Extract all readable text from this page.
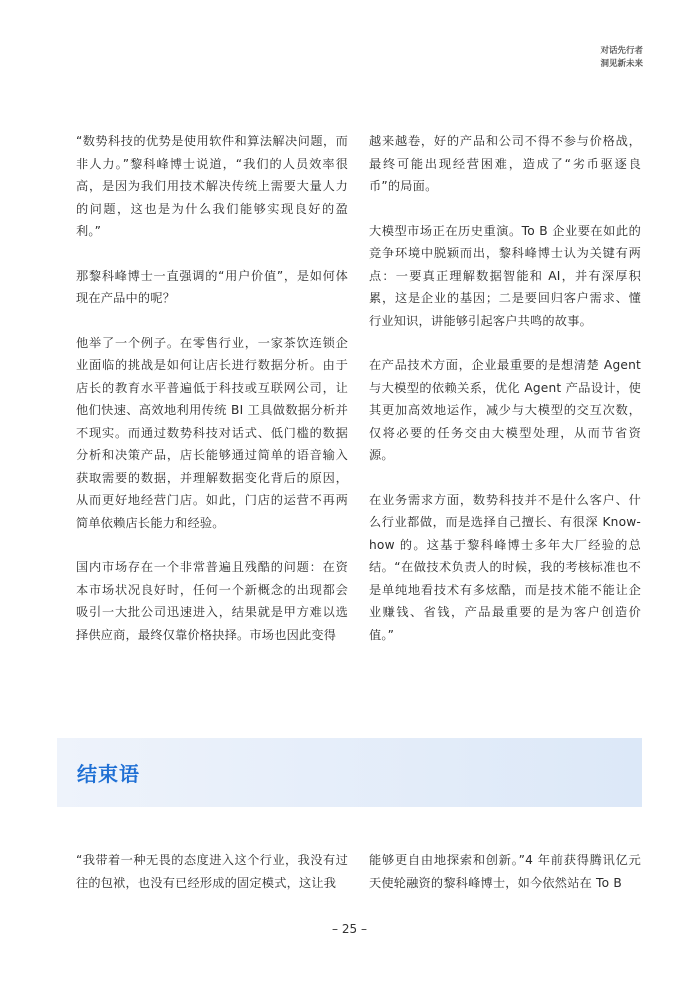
对话先行者
洞见新未来

“数势科技的优势是使用软件和算法解决问题，而非人力。”黎科峰博士说道，“我们的人员效率很高，是因为我们用技术解决传统上需要大量人力的问题，这也是为什么我们能够实现良好的盈利。”

那黎科峰博士一直强调的“用户价值”，是如何体现在产品中的呢？

他举了一个例子。在零售行业，一家茶饮连锁企业面临的挑战是如何让店长进行数据分析。由于店长的教育水平普遍低于科技或互联网公司，让他们快速、高效地利用传统 BI 工具做数据分析并不现实。而通过数势科技对话式、低门槛的数据分析和决策产品，店长能够通过简单的语音输入获取需要的数据，并理解数据变化背后的原因，从而更好地经营门店。如此，门店的运营不再两简单依赖店长能力和经验。

国内市场存在一个非常普遍且残酷的问题：在资本市场状况良好时，任何一个新概念的出现都会吸引一大批公司迅速进入，结果就是甲方难以选择供应商，最终仅靠价格抉择。市场也因此变得

越来越卷，好的产品和公司不得不参与价格战，最终可能出现经营困难，造成了“劣币驱逐良币”的局面。

大模型市场正在历史重演。To B 企业要在如此的竞争环境中脱颖而出，黎科峰博士认为关键有两点：一要真正理解数据智能和 AI，并有深厚积累，这是企业的基因；二是要回归客户需求、懂行业知识，讲能够引起客户共鸣的故事。

在产品技术方面，企业最重要的是想清楚 Agent 与大模型的依赖关系，优化 Agent 产品设计，使其更加高效地运作，减少与大模型的交互次数，仅将必要的任务交由大模型处理，从而节省资源。

在业务需求方面，数势科技并不是什么客户、什么行业都做，而是选择自己擅长、有很深 Know-how 的。这基于黎科峰博士多年大厂经验的总结。“在做技术负责人的时候，我的考核标准也不是单纯地看技术有多炫酷，而是技术能不能让企业赚钱、省钱，产品最重要的是为客户创造价值。”

结束语

“我带着一种无畏的态度进入这个行业，我没有过往的包袱，也没有已经形成的固定模式，这让我

能够更自由地探索和创新。”4 年前获得腾讯亿元天使轮融资的黎科峰博士，如今依然站在 To B

– 25 –
